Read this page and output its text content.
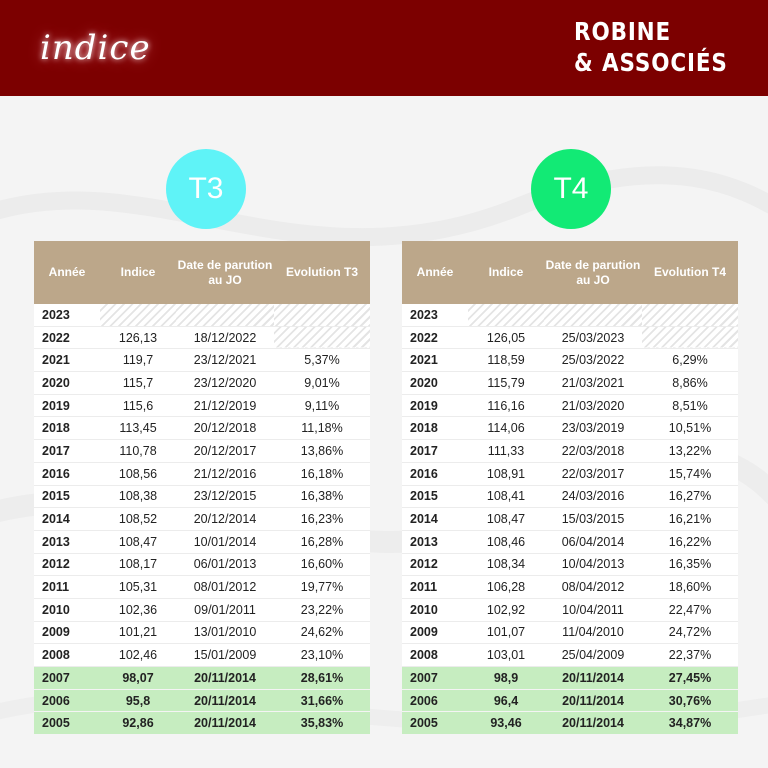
indice	ROBINE
& ASSOCIÉS
T3	T4
Année	Indice	Date de parution au JO	Evolution T3
2023			
2022	126,13	18/12/2022	
2021	119,7	23/12/2021	5,37%
2020	115,7	23/12/2020	9,01%
2019	115,6	21/12/2019	9,11%
2018	113,45	20/12/2018	11,18%
2017	110,78	20/12/2017	13,86%
2016	108,56	21/12/2016	16,18%
2015	108,38	23/12/2015	16,38%
2014	108,52	20/12/2014	16,23%
2013	108,47	10/01/2014	16,28%
2012	108,17	06/01/2013	16,60%
2011	105,31	08/01/2012	19,77%
2010	102,36	09/01/2011	23,22%
2009	101,21	13/01/2010	24,62%
2008	102,46	15/01/2009	23,10%
2007	98,07	20/11/2014	28,61%
2006	95,8	20/11/2014	31,66%
2005	92,86	20/11/2014	35,83%
Année	Indice	Date de parution au JO	Evolution T4
2023			
2022	126,05	25/03/2023	
2021	118,59	25/03/2022	6,29%
2020	115,79	21/03/2021	8,86%
2019	116,16	21/03/2020	8,51%
2018	114,06	23/03/2019	10,51%
2017	111,33	22/03/2018	13,22%
2016	108,91	22/03/2017	15,74%
2015	108,41	24/03/2016	16,27%
2014	108,47	15/03/2015	16,21%
2013	108,46	06/04/2014	16,22%
2012	108,34	10/04/2013	16,35%
2011	106,28	08/04/2012	18,60%
2010	102,92	10/04/2011	22,47%
2009	101,07	11/04/2010	24,72%
2008	103,01	25/04/2009	22,37%
2007	98,9	20/11/2014	27,45%
2006	96,4	20/11/2014	30,76%
2005	93,46	20/11/2014	34,87%
